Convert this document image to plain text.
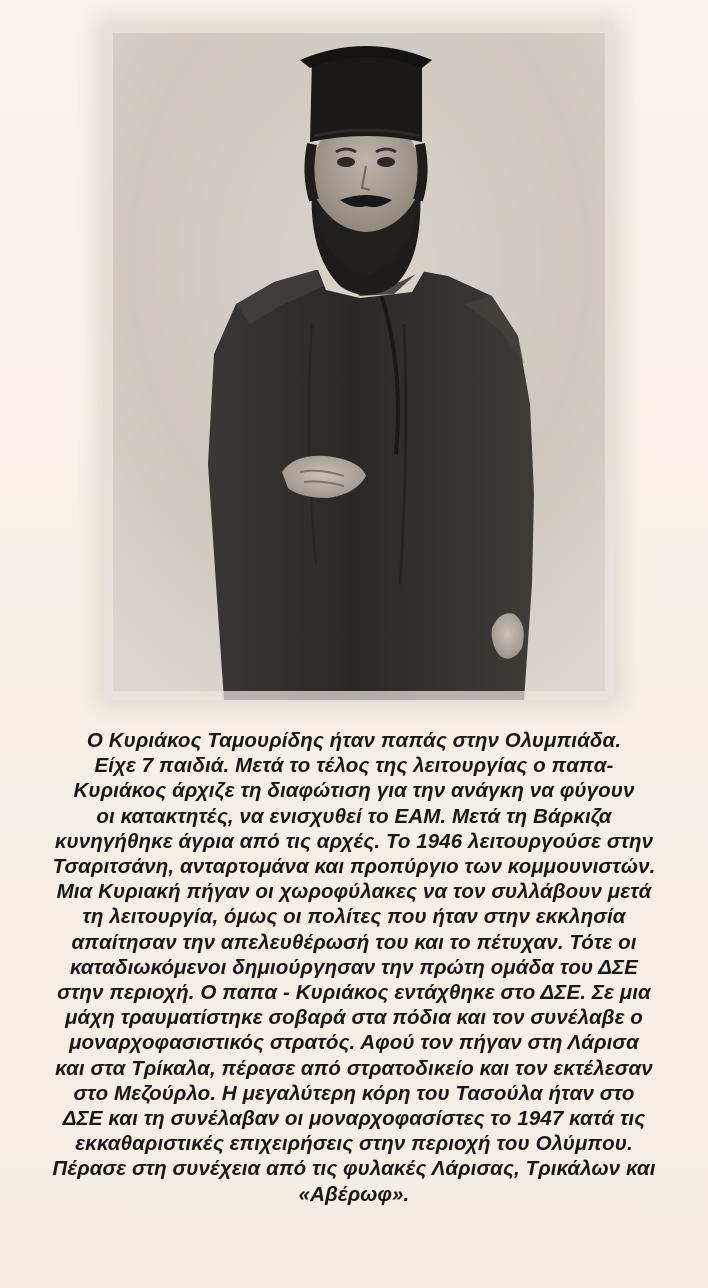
Ο Κυριάκος Ταμουρίδης ήταν παπάς στην Ολυμπιάδα.
Είχε 7 παιδιά. Μετά το τέλος της λειτουργίας ο παπα-
Κυριάκος άρχιζε τη διαφώτιση για την ανάγκη να φύγουν
οι κατακτητές, να ενισχυθεί το ΕΑΜ. Μετά τη Βάρκιζα
κυνηγήθηκε άγρια από τις αρχές. Το 1946 λειτουργούσε στην
Τσαριτσάνη, ανταρτομάνα και προπύργιο των κομμουνιστών.
Μια Κυριακή πήγαν οι χωροφύλακες να τον συλλάβουν μετά
τη λειτουργία, όμως οι πολίτες που ήταν στην εκκλησία
απαίτησαν την απελευθέρωσή του και το πέτυχαν. Τότε οι
καταδιωκόμενοι δημιούργησαν την πρώτη ομάδα του ΔΣΕ
στην περιοχή. Ο παπα - Κυριάκος εντάχθηκε στο ΔΣΕ. Σε μια
μάχη τραυματίστηκε σοβαρά στα πόδια και τον συνέλαβε ο
μοναρχοφασιστικός στρατός. Αφού τον πήγαν στη Λάρισα
και στα Τρίκαλα, πέρασε από στρατοδικείο και τον εκτέλεσαν
στο Μεζούρλο. Η μεγαλύτερη κόρη του Τασούλα ήταν στο
ΔΣΕ και τη συνέλαβαν οι μοναρχοφασίστες το 1947 κατά τις
εκκαθαριστικές επιχειρήσεις στην περιοχή του Ολύμπου.
Πέρασε στη συνέχεια από τις φυλακές Λάρισας, Τρικάλων και
«Αβέρωφ».
